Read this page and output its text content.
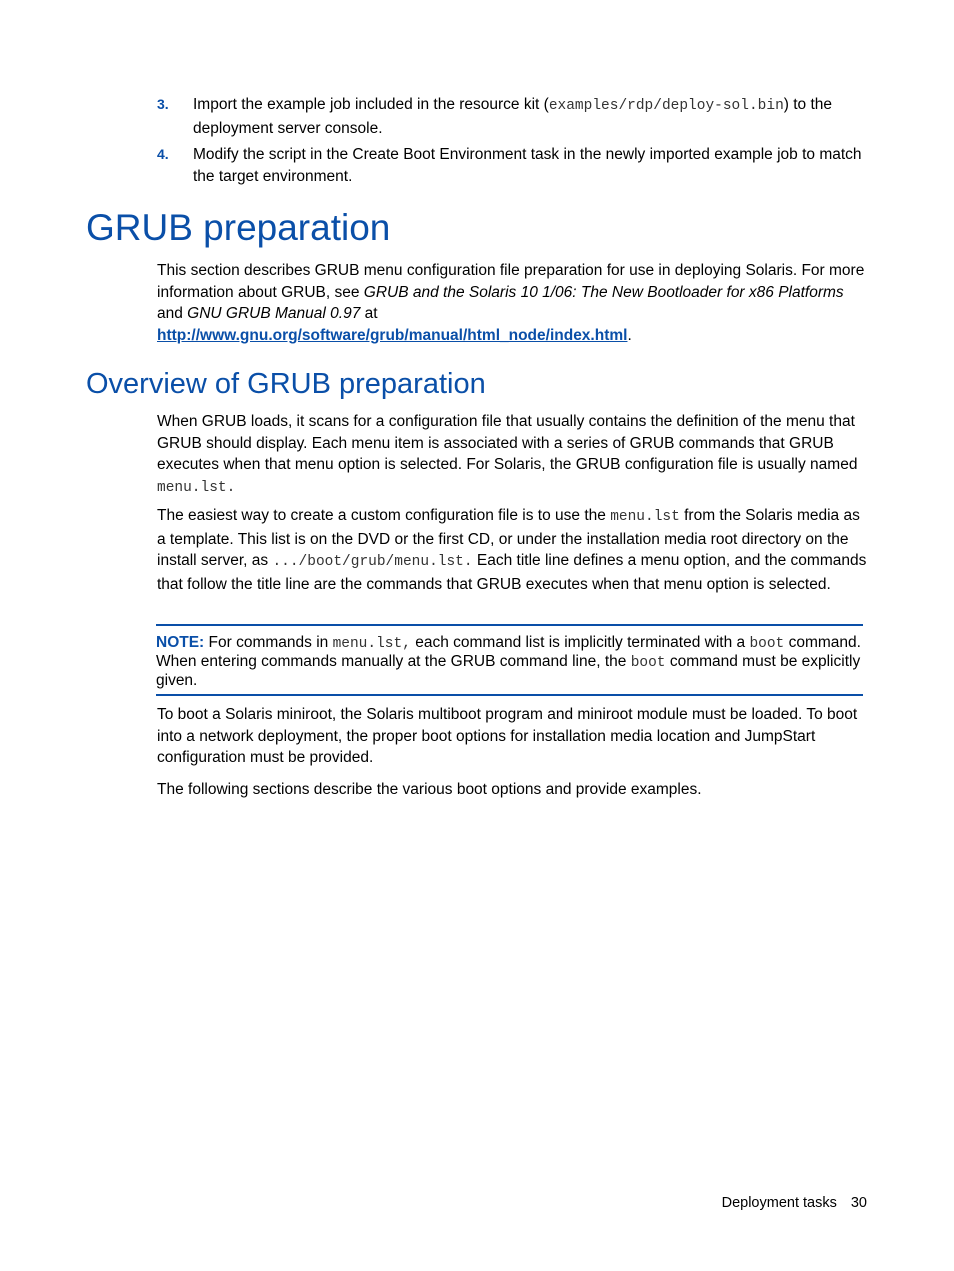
3. Import the example job included in the resource kit (examples/rdp/deploy-sol.bin) to the deployment server console.
4. Modify the script in the Create Boot Environment task in the newly imported example job to match the target environment.
GRUB preparation

This section describes GRUB menu configuration file preparation for use in deploying Solaris. For more information about GRUB, see GRUB and the Solaris 10 1/06: The New Bootloader for x86 Platforms and GNU GRUB Manual 0.97 at
http://www.gnu.org/software/grub/manual/html_node/index.html.

Overview of GRUB preparation

When GRUB loads, it scans for a configuration file that usually contains the definition of the menu that GRUB should display. Each menu item is associated with a series of GRUB commands that GRUB executes when that menu option is selected. For Solaris, the GRUB configuration file is usually named
menu.lst.

The easiest way to create a custom configuration file is to use the menu.lst from the Solaris media as a template. This list is on the DVD or the first CD, or under the installation media root directory on the install server, as .../boot/grub/menu.lst. Each title line defines a menu option, and the commands that follow the title line are the commands that GRUB executes when that menu option is selected.

NOTE: For commands in menu.lst, each command list is implicitly terminated with a boot command. When entering commands manually at the GRUB command line, the boot command must be explicitly given.

To boot a Solaris miniroot, the Solaris multiboot program and miniroot module must be loaded. To boot into a network deployment, the proper boot options for installation media location and JumpStart configuration must be provided.

The following sections describe the various boot options and provide examples.

Deployment tasks 30
